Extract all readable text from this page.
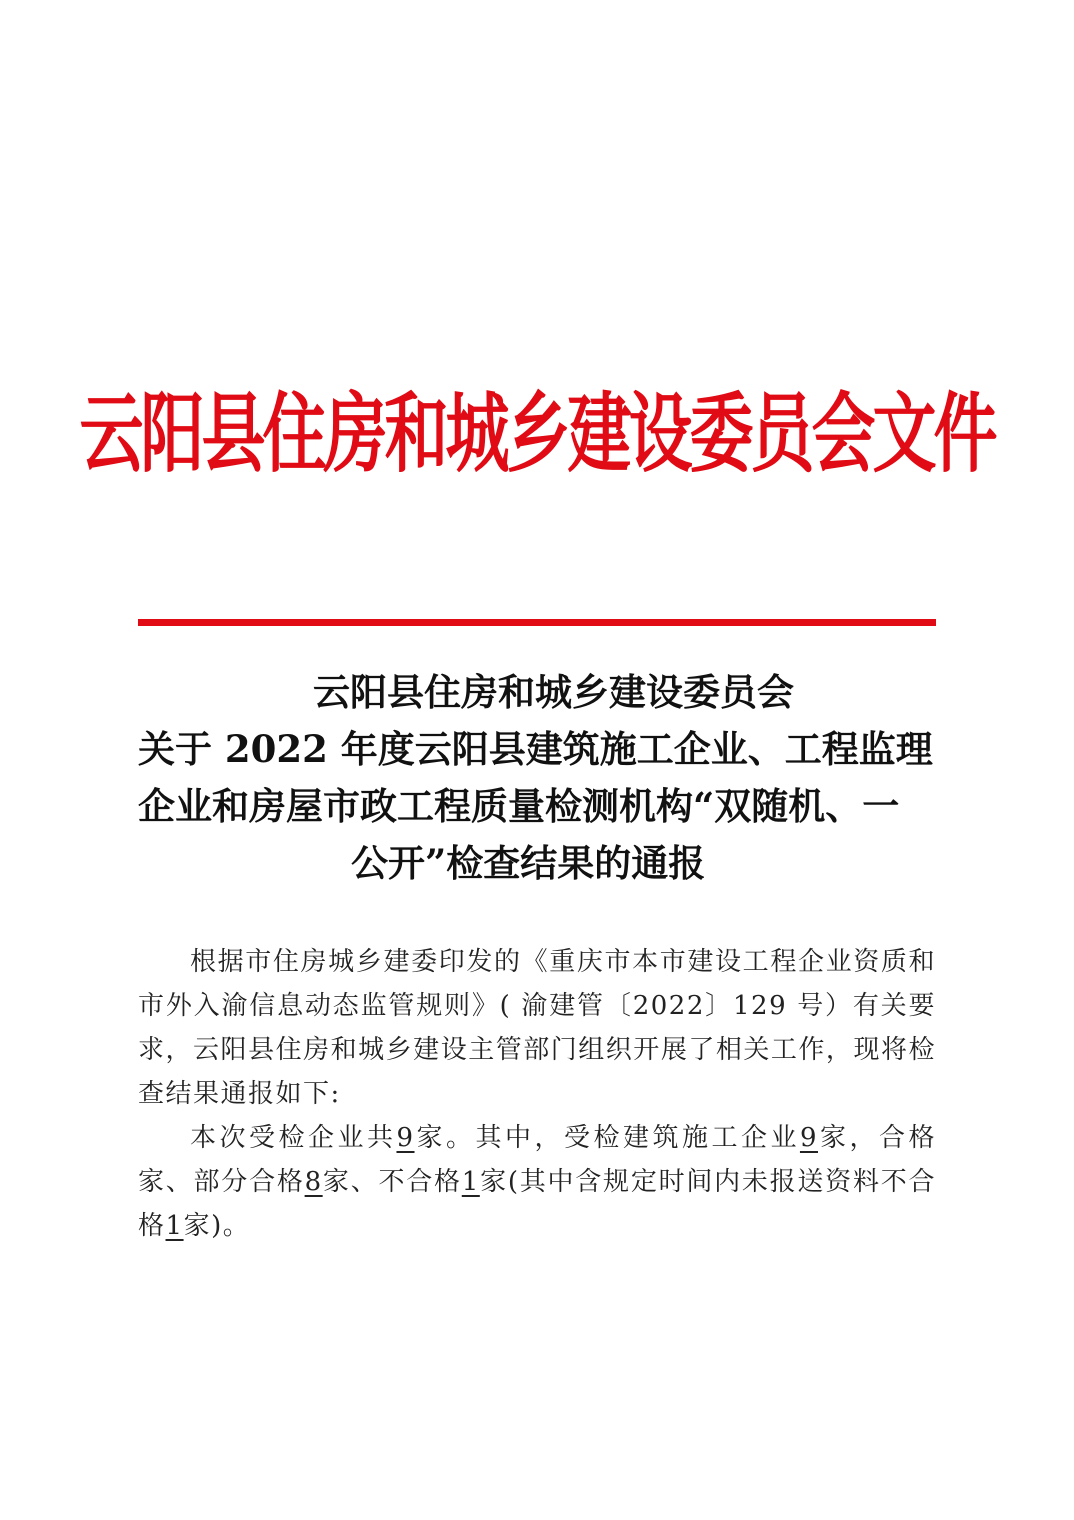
云阳县住房和城乡建设委员会文件
云阳县住房和城乡建设委员会
关于 2022 年度云阳县建筑施工企业、工程监理
企业和房屋市政工程质量检测机构“双随机、一
公开”检查结果的通报

根据市住房城乡建委印发的《重庆市本市建设工程企业资质和市外入渝信息动态监管规则》( 渝建管〔2022〕129 号）有关要求，云阳县住房和城乡建设主管部门组织开展了相关工作，现将检查结果通报如下:

本次受检企业共9家。其中，受检建筑施工企业9家，合格家、部分合格8家、不合格1家(其中含规定时间内未报送资料不合格1家)。
